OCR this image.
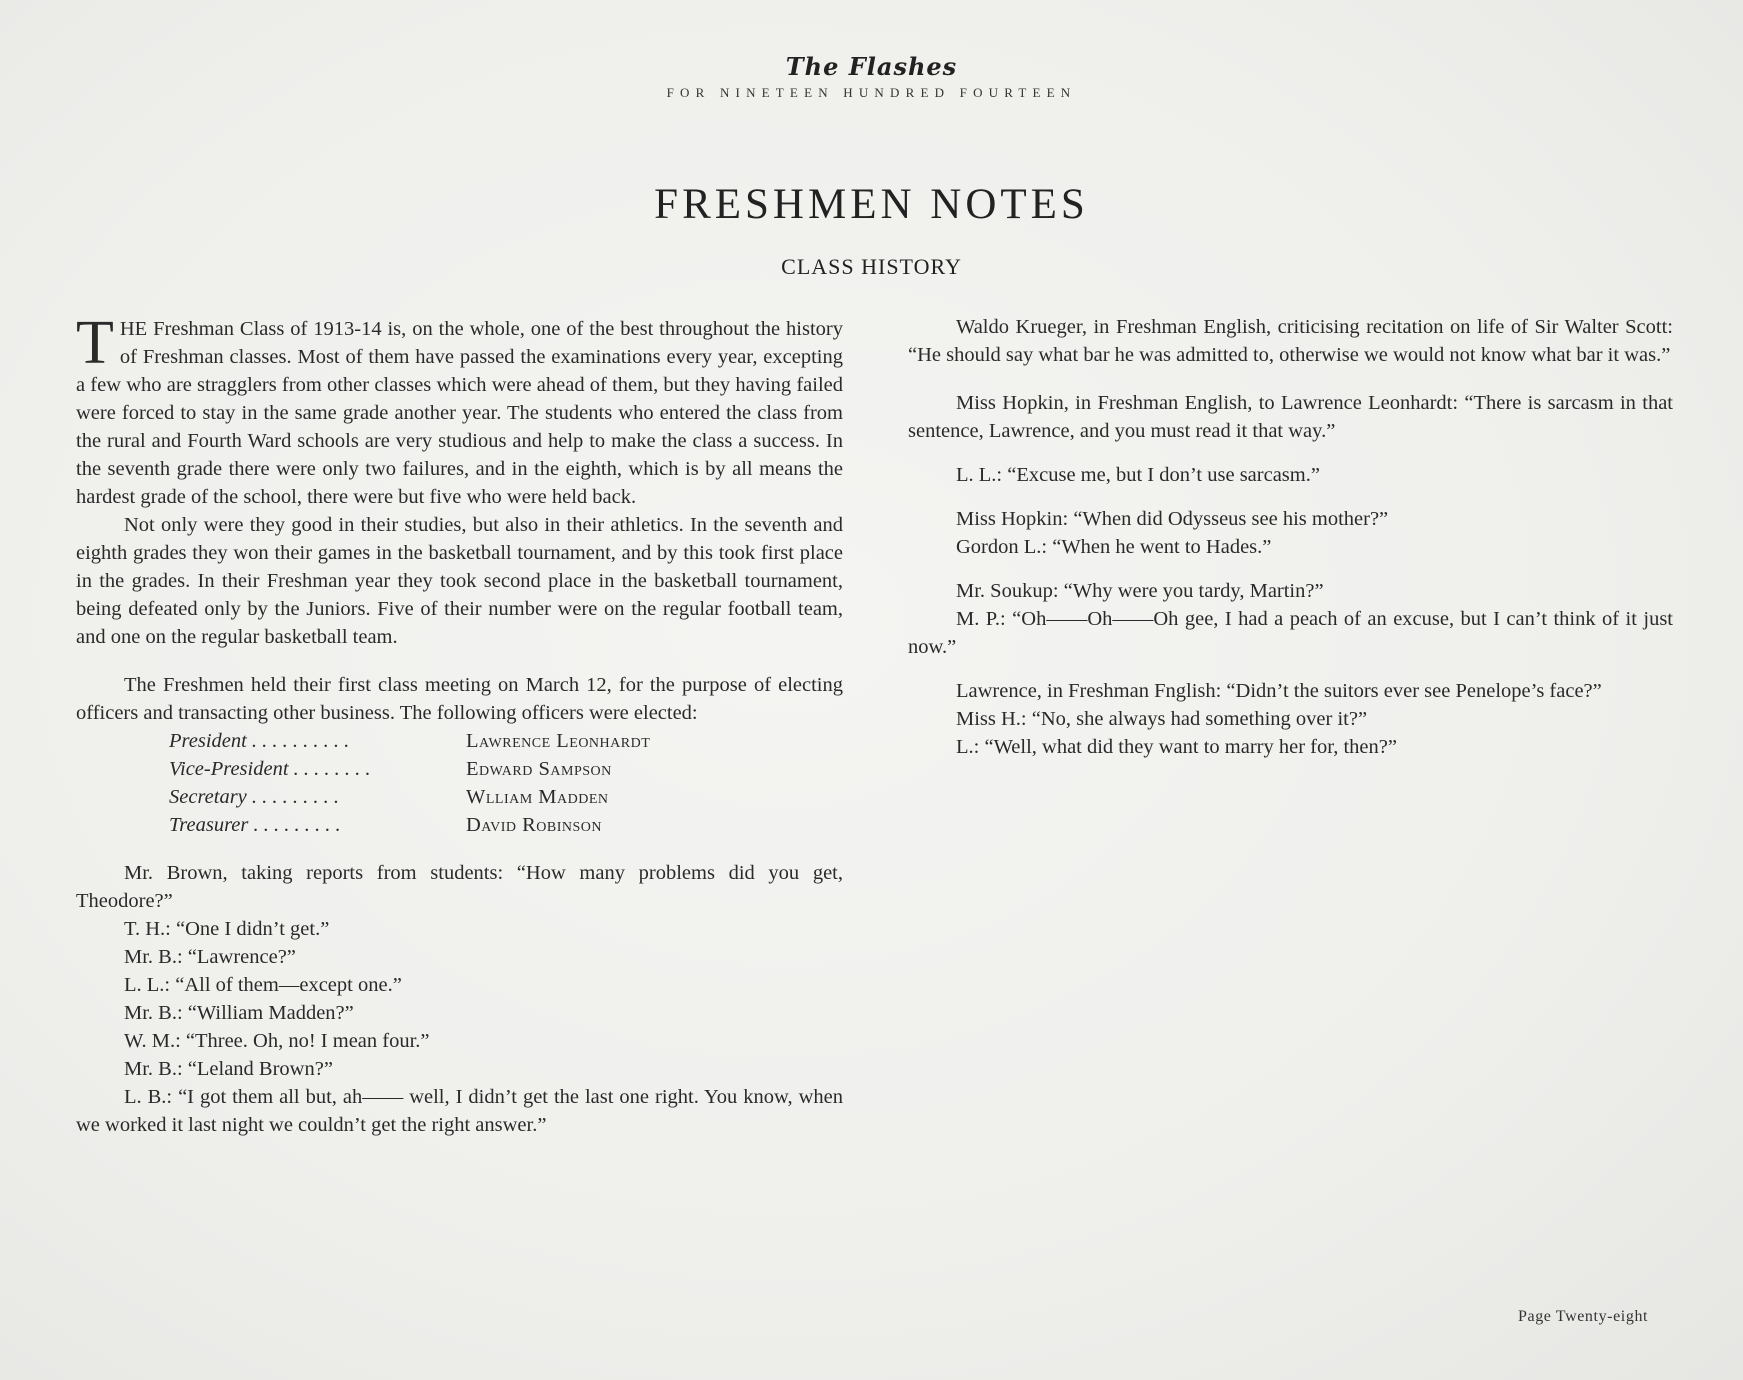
The Flashes
FOR NINETEEN HUNDRED FOURTEEN
FRESHMEN NOTES
CLASS HISTORY

T HE Freshman Class of 1913-14 is, on the whole, one of the best throughout the history of Freshman classes. Most of them have passed the examinations every year, excepting a few who are stragglers from other classes which were ahead of them, but they having failed were forced to stay in the same grade another year. The students who entered the class from the rural and Fourth Ward schools are very studious and help to make the class a success. In the seventh grade there were only two failures, and in the eighth, which is by all means the hardest grade of the school, there were but five who were held back.

Not only were they good in their studies, but also in their athletics. In the seventh and eighth grades they won their games in the basketball tournament, and by this took first place in the grades. In their Freshman year they took second place in the basketball tournament, being defeated only by the Juniors. Five of their number were on the regular football team, and one on the regular basketball team.

The Freshmen held their first class meeting on March 12, for the purpose of electing officers and transacting other business. The following officers were elected:

President . . . . . . . . . .	Lawrence Leonhardt
Vice-President . . . . . . . .	Edward Sampson
Secretary . . . . . . . . .	Wlliam Madden
Treasurer . . . . . . . . .	David Robinson

Mr. Brown, taking reports from students: “How many problems did you get, Theodore?”

T. H.: “One I didn’t get.”
Mr. B.: “Lawrence?”
L. L.: “All of them—except one.”
Mr. B.: “William Madden?”
W. M.: “Three. Oh, no! I mean four.”
Mr. B.: “Leland Brown?”

L. B.: “I got them all but, ah—— well, I didn’t get the last one right. You know, when we worked it last night we couldn’t get the right answer.”

Waldo Krueger, in Freshman English, criticising recitation on life of Sir Walter Scott: “He should say what bar he was admitted to, otherwise we would not know what bar it was.”

Miss Hopkin, in Freshman English, to Lawrence Leonhardt: “There is sarcasm in that sentence, Lawrence, and you must read it that way.”

L. L.: “Excuse me, but I don’t use sarcasm.”

Miss Hopkin: “When did Odysseus see his mother?”

Gordon L.: “When he went to Hades.”

Mr. Soukup: “Why were you tardy, Martin?”

M. P.: “Oh——Oh——Oh gee, I had a peach of an excuse, but I can’t think of it just now.”

Lawrence, in Freshman Fnglish: “Didn’t the suitors ever see Penelope’s face?”

Miss H.: “No, she always had something over it?”

L.: “Well, what did they want to marry her for, then?”

Page Twenty-eight
